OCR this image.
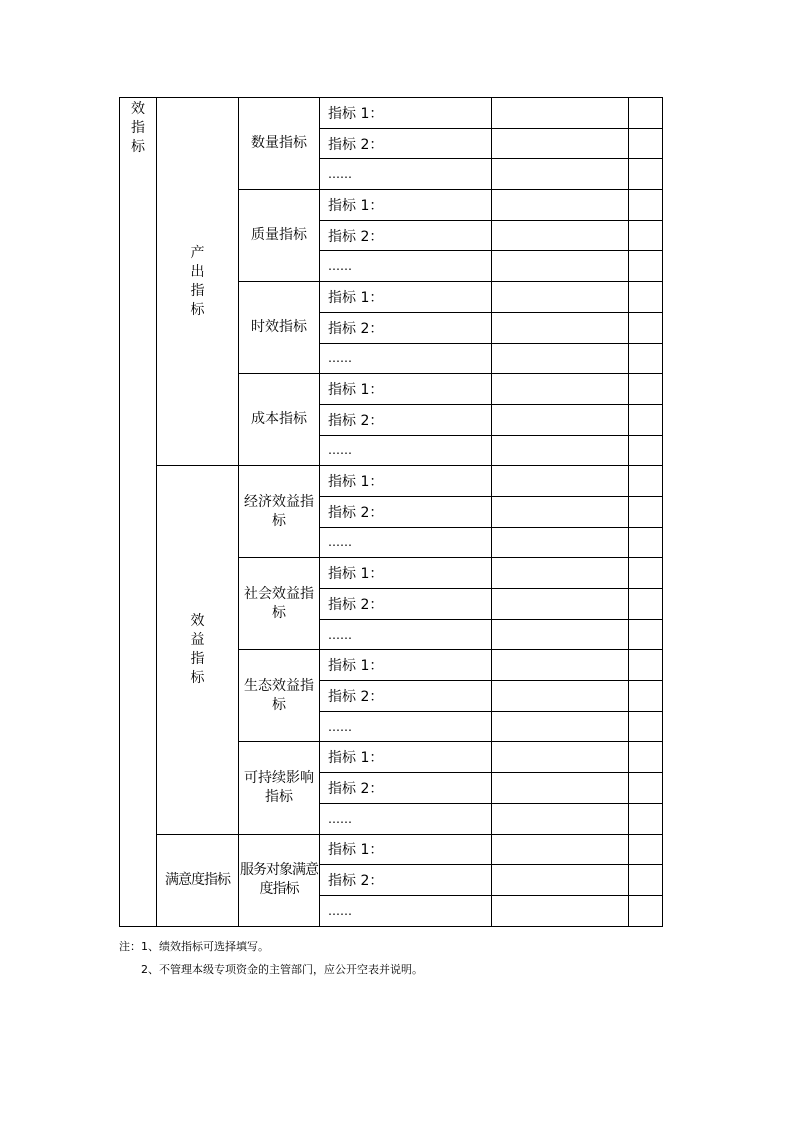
效指标	产出指标	数量指标	指标 1：		
			指标 2：		
			……		
		质量指标	指标 1：		
			指标 2：		
			……		
		时效指标	指标 1：		
			指标 2：		
			……		
		成本指标	指标 1：		
			指标 2：		
			……		
	效益指标	经济效益指标	指标 1：		
			指标 2：		
			……		
		社会效益指标	指标 1：		
			指标 2：		
			……		
		生态效益指标	指标 1：		
			指标 2：		
			……		
		可持续影响指标	指标 1：		
			指标 2：		
			……		
	满意度指标	服务对象满意度指标	指标 1：		
			指标 2：		
			……		
注：1、绩效指标可选择填写。
　　2、不管理本级专项资金的主管部门，应公开空表并说明。
